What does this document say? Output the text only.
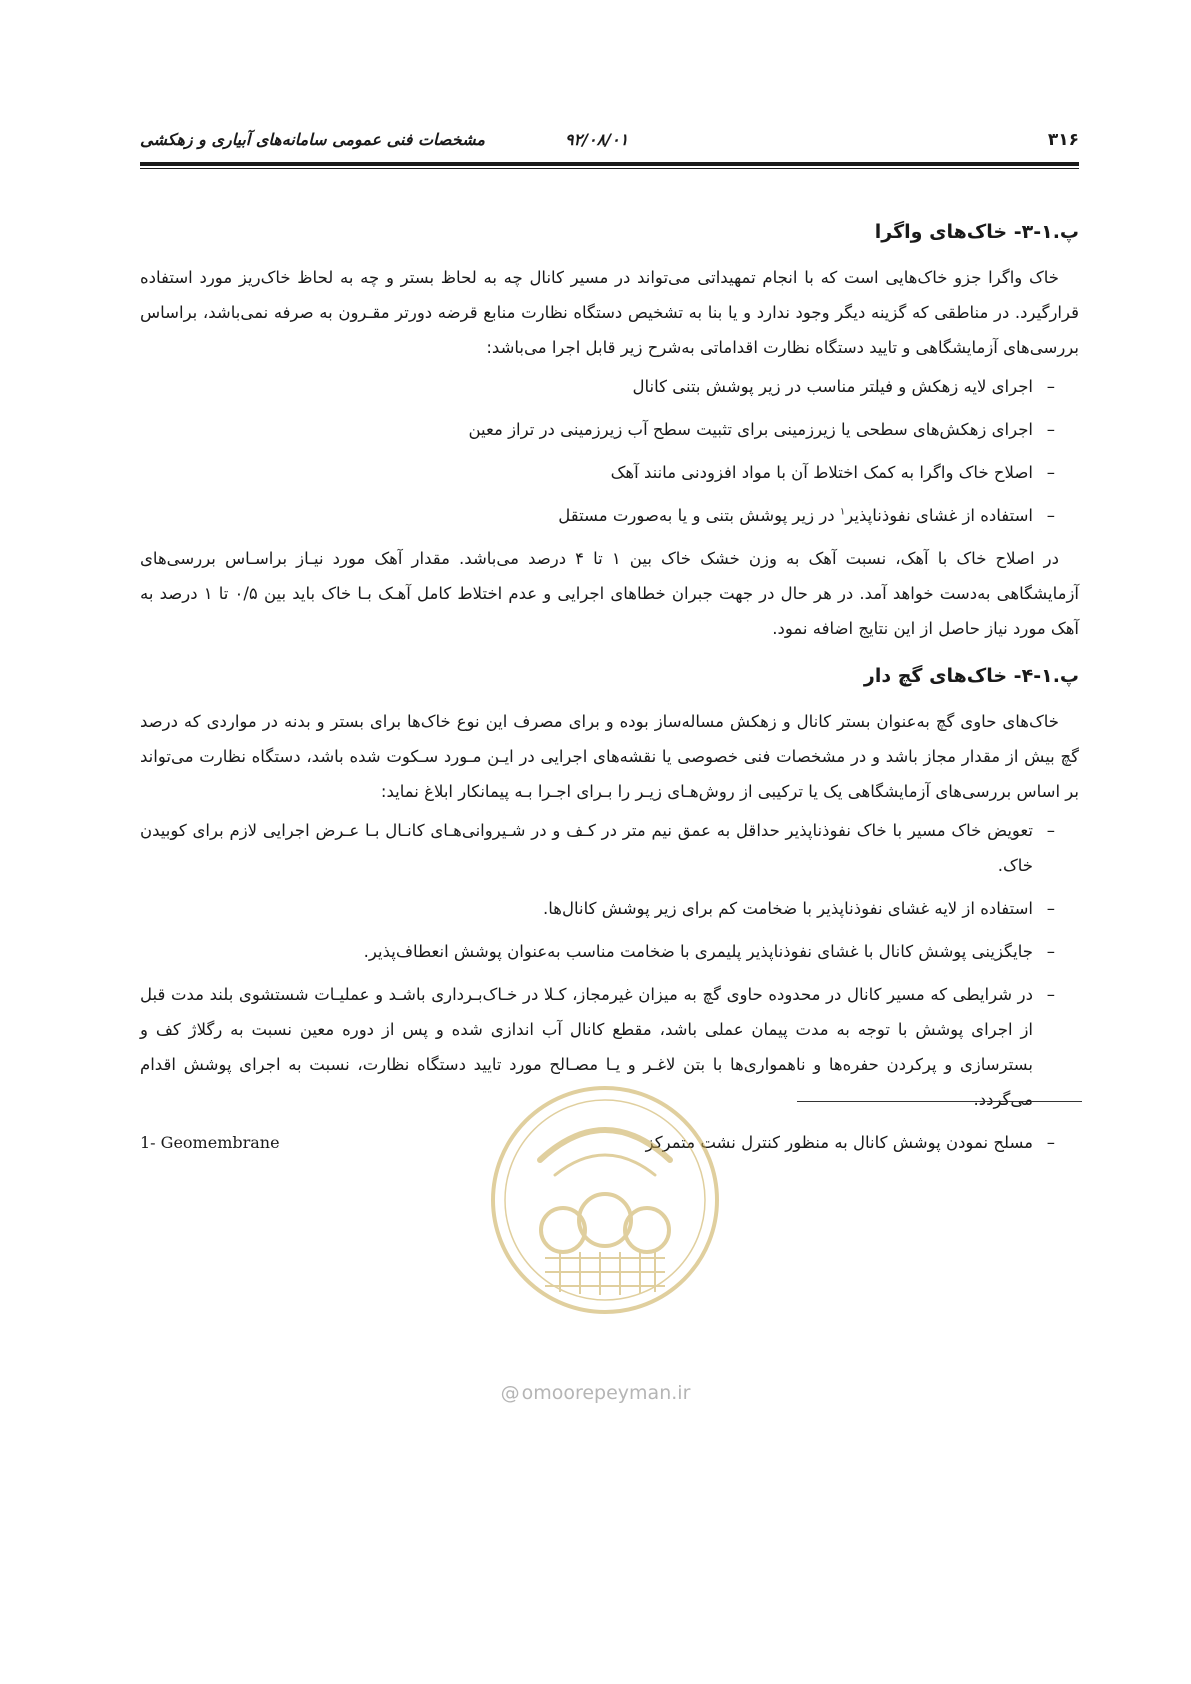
۳۱۶
۹۲/۰۸/۰۱
مشخصات فنی عمومی سامانه‌های آبیاری و زهکشی
پ.۱-۳- خاک‌های واگرا

خاک واگرا جزو خاک‌هایی است که با انجام تمهیداتی می‌تواند در مسیر کانال چه به لحاظ بستر و چه به لحاظ خاک‌ریز مورد استفاده قرارگیرد. در مناطقی که گزینه دیگر وجود ندارد و یا بنا به تشخیص دستگاه نظارت منابع قرضه دورتر مقـرون به صرفه نمی‌باشد، براساس بررسی‌های آزمایشگاهی و تایید دستگاه نظارت اقداماتی به‌شرح زیر قابل اجرا می‌باشد:

– اجرای لایه زهکش و فیلتر مناسب در زیر پوشش بتنی کانال
– اجرای زهکش‌های سطحی یا زیرزمینی برای تثبیت سطح آب زیرزمینی در تراز معین
– اصلاح خاک واگرا به کمک اختلاط آن با مواد افزودنی مانند آهک
– استفاده از غشای نفوذناپذیر$^۱$ در زیر پوشش بتنی و یا به‌صورت مستقل

در اصلاح خاک با آهک، نسبت آهک به وزن خشک خاک بین ۱ تا ۴ درصد می‌باشد. مقدار آهک مورد نیـاز براسـاس بررسی‌های آزمایشگاهی به‌دست خواهد آمد. در هر حال در جهت جبران خطاهای اجرایی و عدم اختلاط کامل آهـک بـا خاک باید بین ۰/۵ تا ۱ درصد به آهک مورد نیاز حاصل از این نتایج اضافه نمود.

پ.۱-۴- خاک‌های گچ دار

خاک‌های حاوی گچ به‌عنوان بستر کانال و زهکش مساله‌ساز بوده و برای مصرف این نوع خاک‌ها برای بستر و بدنه در مواردی که درصد گچ بیش از مقدار مجاز باشد و در مشخصات فنی خصوصی یا نقشه‌های اجرایی در ایـن مـورد سـکوت شده باشد، دستگاه نظارت می‌تواند بر اساس بررسی‌های آزمایشگاهی یک یا ترکیبی از روش‌هـای زیـر را بـرای اجـرا بـه پیمانکار ابلاغ نماید:

– تعویض خاک مسیر با خاک نفوذناپذیر حداقل به عمق نیم متر در کـف و در شـیروانی‌هـای کانـال بـا عـرض اجرایی لازم برای کوبیدن خاک.
– استفاده از لایه غشای نفوذناپذیر با ضخامت کم برای زیر پوشش کانال‌ها.
– جایگزینی پوشش کانال با غشای نفوذناپذیر پلیمری با ضخامت مناسب به‌عنوان پوشش انعطاف‌پذیر.
– در شرایطی که مسیر کانال در محدوده حاوی گچ به میزان غیرمجاز، کـلا در خـاک‌بـرداری باشـد و عملیـات شستشوی بلند مدت قبل از اجرای پوشش با توجه به مدت پیمان عملی باشد، مقطع کانال آب اندازی شده و پس از دوره معین نسبت به رگلاژ کف و بسترسازی و پرکردن حفره‌ها و ناهمواری‌ها با بتن لاغـر و یـا مصـالح مورد تایید دستگاه نظارت، نسبت به اجرای پوشش اقدام می‌گردد.
– مسلح نمودن پوشش کانال به منظور کنترل نشت متمرکز
1- Geomembrane
@ omoorepeyman.ir
